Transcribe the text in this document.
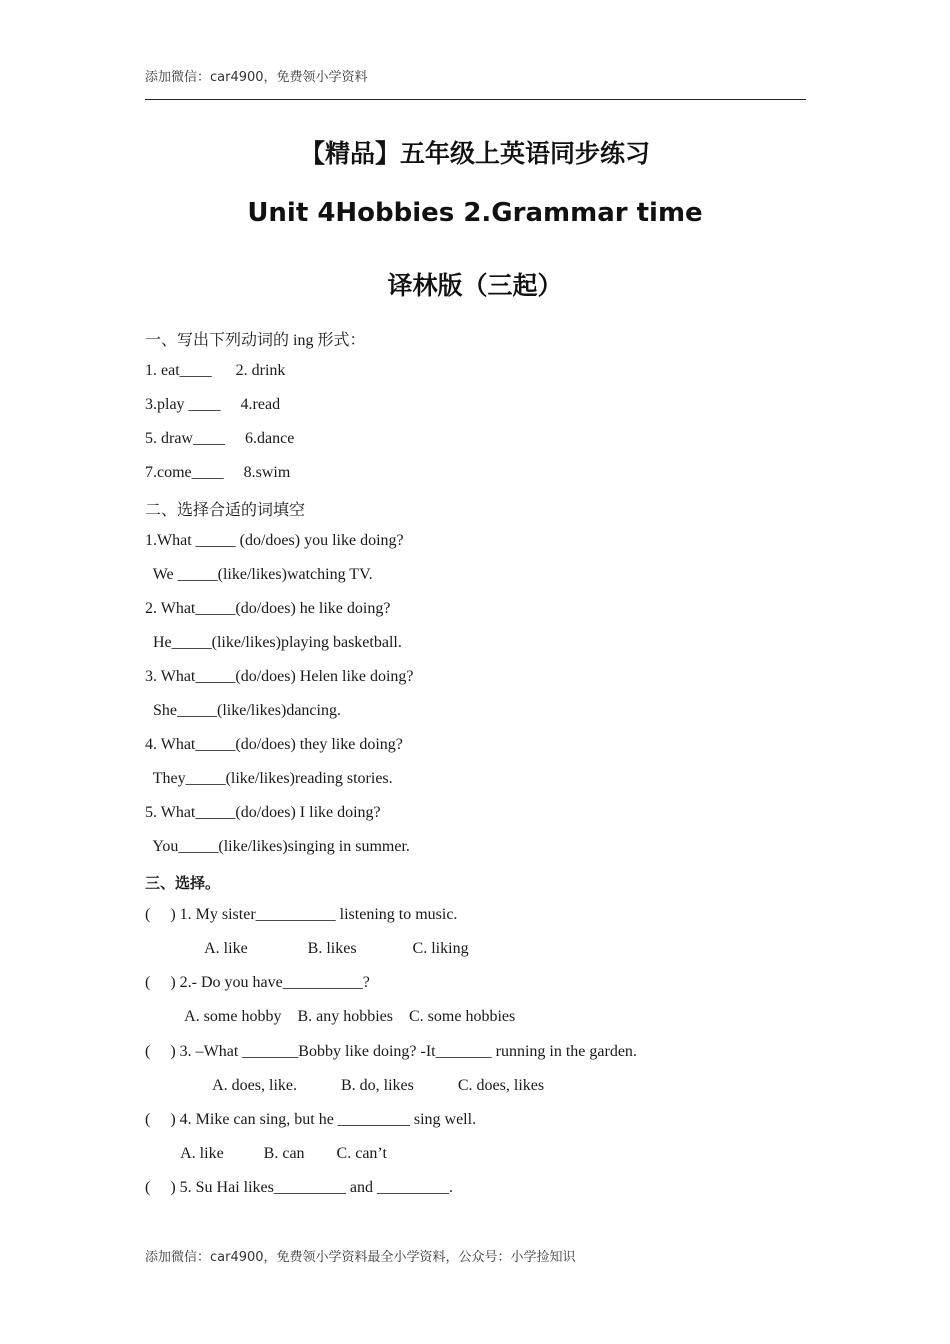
添加微信：car4900，免费领小学资料
【精品】五年级上英语同步练习
Unit 4Hobbies 2.Grammar time
译林版（三起）
一、写出下列动词的 ing 形式：
1. eat____      2. drink
3.play ____     4.read
5. draw____     6.dance
7.come____     8.swim
二、选择合适的词填空
1.What _____ (do/does) you like doing?
We _____(like/likes)watching TV.
2. What_____(do/does) he like doing?
He_____(like/likes)playing basketball.
3. What_____(do/does) Helen like doing?
She_____(like/likes)dancing.
4. What_____(do/does) they like doing?
They_____(like/likes)reading stories.
5. What_____(do/does) I like doing?
You_____(like/likes)singing in summer.
三、选择。
(     ) 1. My sister__________ listening to music.
A. like               B. likes              C. liking
(     ) 2.- Do you have__________?
A. some hobby    B. any hobbies    C. some hobbies
(     ) 3. –What _______Bobby like doing? -It_______ running in the garden.
A. does, like.           B. do, likes           C. does, likes
(     ) 4. Mike can sing, but he _________ sing well.
A. like          B. can        C. can’t
(     ) 5. Su Hai likes_________ and _________.
添加微信：car4900，免费领小学资料最全小学资料，公众号：小学捡知识
